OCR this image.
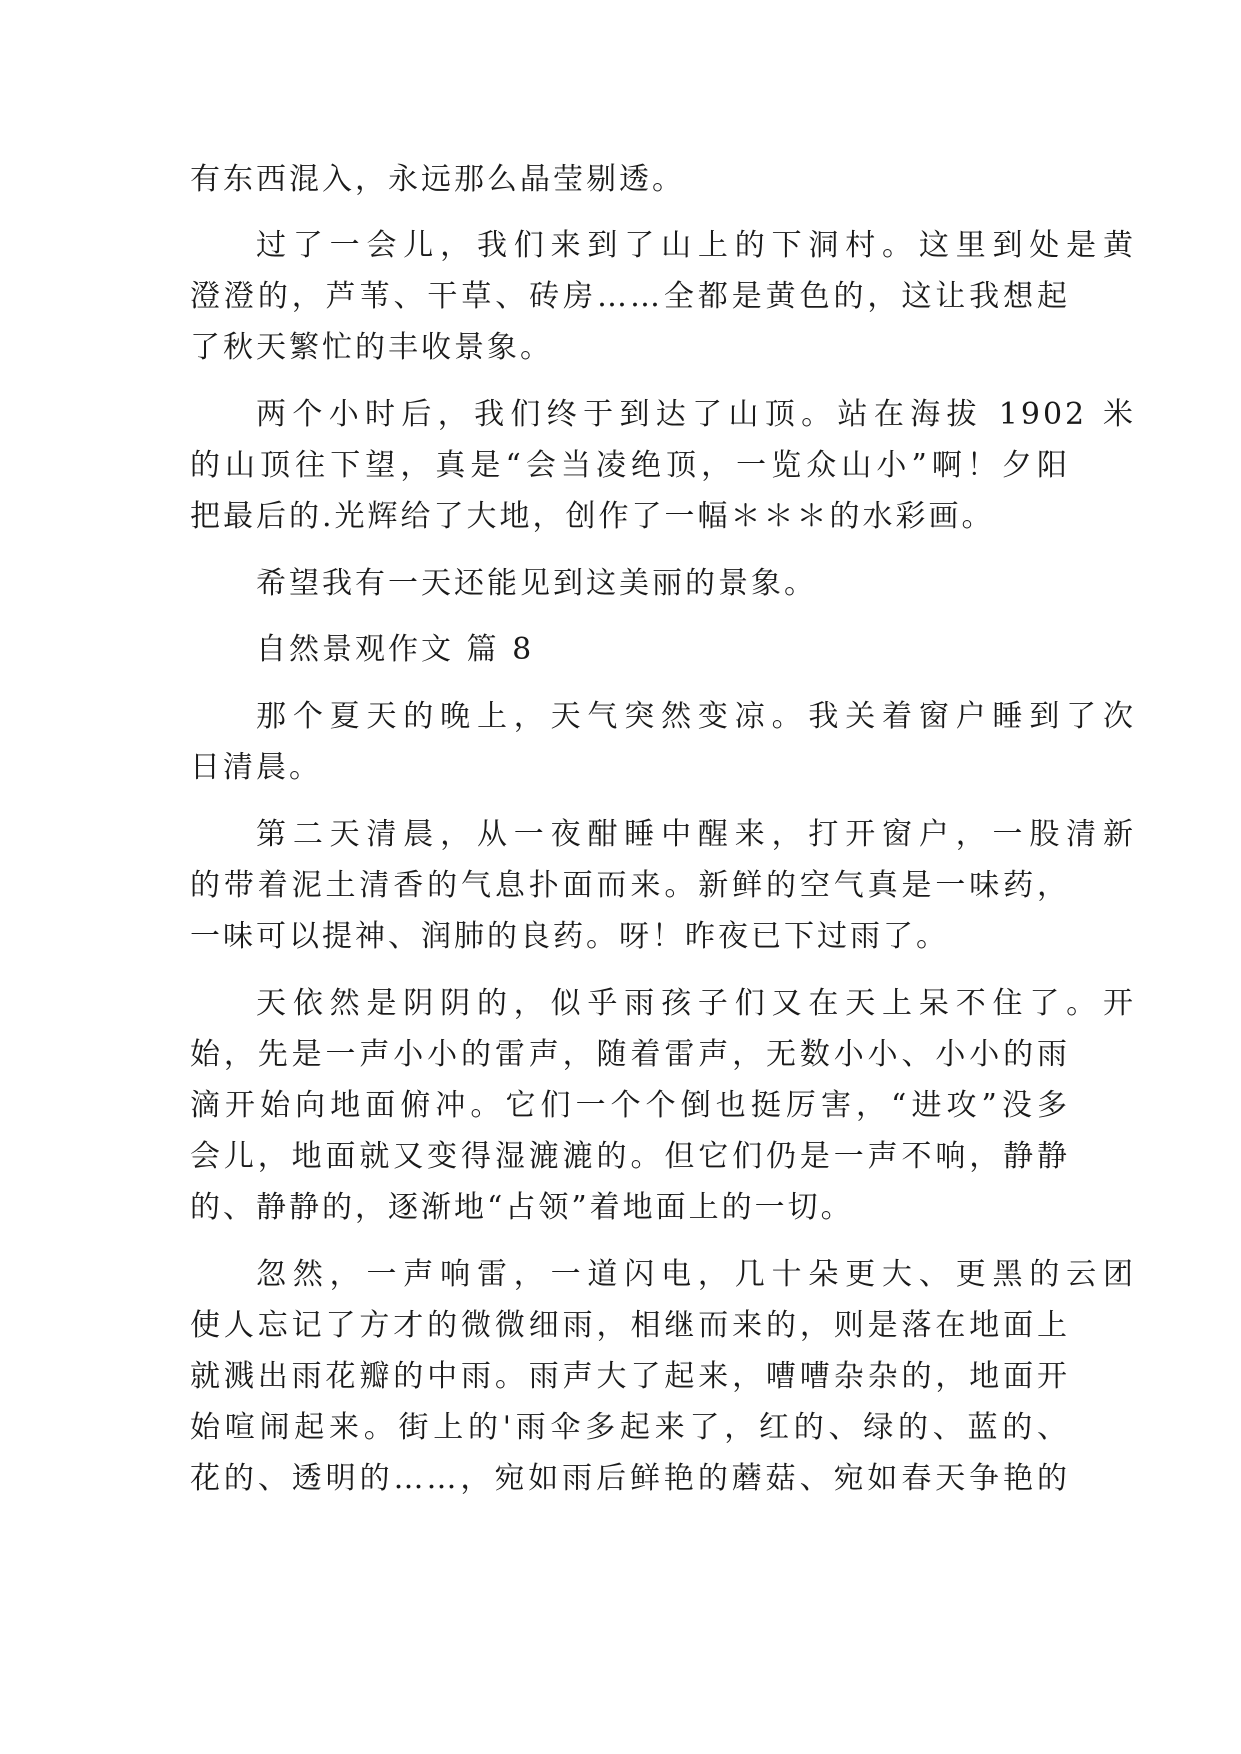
有东西混入，永远那么晶莹剔透。
过了一会儿，我们来到了山上的下洞村。这里到处是黄
澄澄的，芦苇、干草、砖房……全都是黄色的，这让我想起
了秋天繁忙的丰收景象。
两个小时后，我们终于到达了山顶。站在海拔 1902 米
的山顶往下望，真是“会当凌绝顶，一览众山小”啊！夕阳
把最后的.光辉给了大地，创作了一幅＊＊＊的水彩画。
希望我有一天还能见到这美丽的景象。
自然景观作文 篇 8
那个夏天的晚上，天气突然变凉。我关着窗户睡到了次
日清晨。
第二天清晨，从一夜酣睡中醒来，打开窗户，一股清新
的带着泥土清香的气息扑面而来。新鲜的空气真是一味药，
一味可以提神、润肺的良药。呀！昨夜已下过雨了。
天依然是阴阴的，似乎雨孩子们又在天上呆不住了。开
始，先是一声小小的雷声，随着雷声，无数小小、小小的雨
滴开始向地面俯冲。它们一个个倒也挺厉害，“进攻”没多
会儿，地面就又变得湿漉漉的。但它们仍是一声不响，静静
的、静静的，逐渐地“占领”着地面上的一切。
忽然，一声响雷，一道闪电，几十朵更大、更黑的云团
使人忘记了方才的微微细雨，相继而来的，则是落在地面上
就溅出雨花瓣的中雨。雨声大了起来，嘈嘈杂杂的，地面开
始喧闹起来。街上的'雨伞多起来了，红的、绿的、蓝的、
花的、透明的……，宛如雨后鲜艳的蘑菇、宛如春天争艳的
